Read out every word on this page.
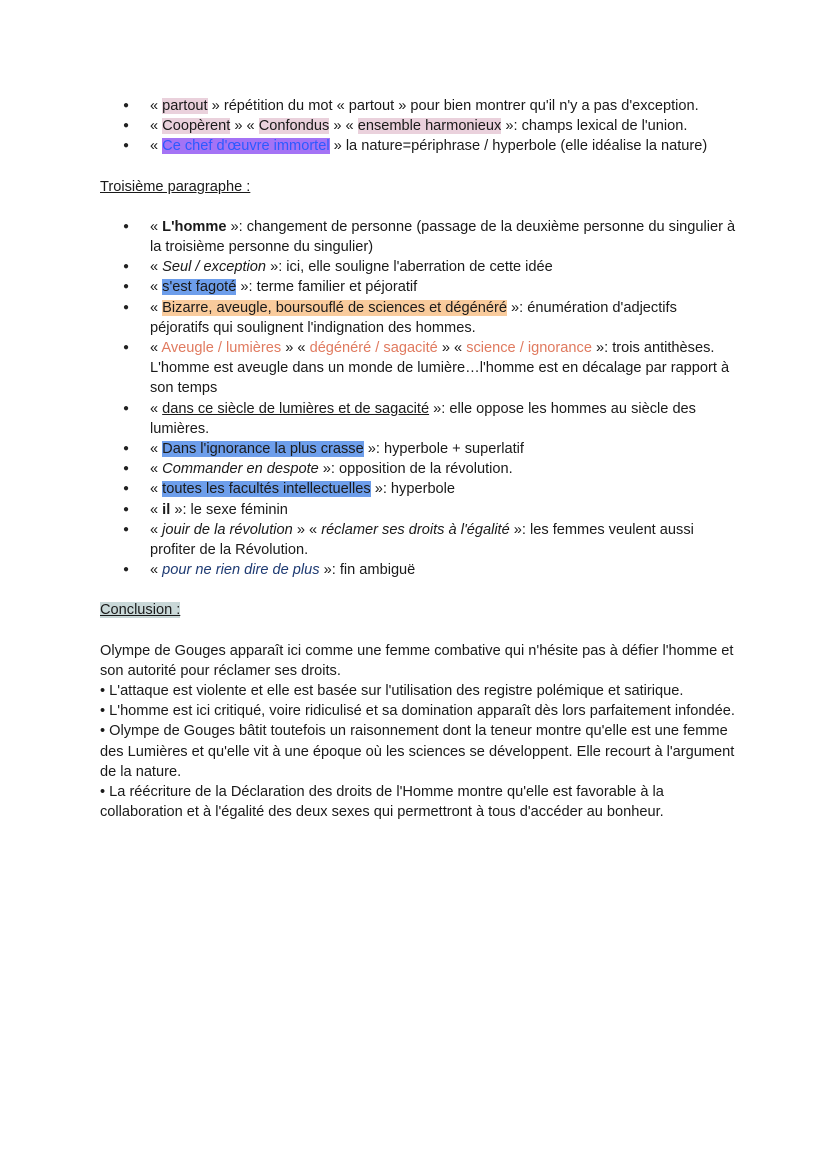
● « partout » répétition du mot « partout » pour bien montrer qu'il n'y a pas d'exception.
● « Coopèrent » « Confondus » « ensemble harmonieux »: champs lexical de l'union.
● « Ce chef d'œuvre immortel » la nature=périphrase / hyperbole (elle idéalise la nature)

Troisième paragraphe :

● « L'homme »: changement de personne (passage de la deuxième personne du singulier à la troisième personne du singulier)
● « Seul / exception »: ici, elle souligne l'aberration de cette idée
● « s'est fagoté »: terme familier et péjoratif
● « Bizarre, aveugle, boursouflé de sciences et dégénéré »: énumération d'adjectifs péjoratifs qui soulignent l'indignation des hommes.
● « Aveugle / lumières » « dégénéré / sagacité » « science / ignorance »: trois antithèses. L'homme est aveugle dans un monde de lumière…l'homme est en décalage par rapport à son temps
● « dans ce siècle de lumières et de sagacité »: elle oppose les hommes au siècle des lumières.
● « Dans l'ignorance la plus crasse »: hyperbole + superlatif
● « Commander en despote »: opposition de la révolution.
● « toutes les facultés intellectuelles »: hyperbole
● « il »: le sexe féminin
● « jouir de la révolution » « réclamer ses droits à l'égalité »: les femmes veulent aussi profiter de la Révolution.
● « pour ne rien dire de plus »: fin ambiguë

Conclusion :

Olympe de Gouges apparaît ici comme une femme combative qui n'hésite pas à défier l'homme et son autorité pour réclamer ses droits.

• L'attaque est violente et elle est basée sur l'utilisation des registre polémique et satirique.

• L'homme est ici critiqué, voire ridiculisé et sa domination apparaît dès lors parfaitement infondée.

• Olympe de Gouges bâtit toutefois un raisonnement dont la teneur montre qu'elle est une femme des Lumières et qu'elle vit à une époque où les sciences se développent. Elle recourt à l'argument de la nature.

• La réécriture de la Déclaration des droits de l'Homme montre qu'elle est favorable à la collaboration et à l'égalité des deux sexes qui permettront à tous d'accéder au bonheur.
